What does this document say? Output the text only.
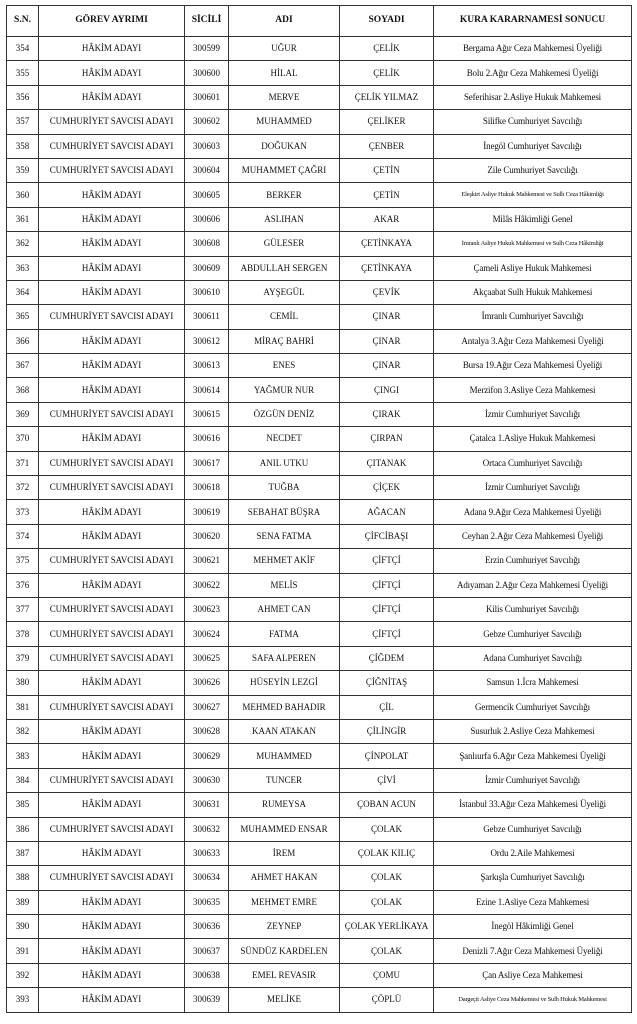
S.N.	GÖREV AYRIMI	SİCİLİ	ADI	SOYADI	KURA KARARNAMESİ SONUCU
354	HÂKİM ADAYI	300599	UĞUR	ÇELİK	Bergama Ağır Ceza Mahkemesi Üyeliği
355	HÂKİM ADAYI	300600	HİLAL	ÇELİK	Bolu 2.Ağır Ceza Mahkemesi Üyeliği
356	HÂKİM ADAYI	300601	MERVE	ÇELİK YILMAZ	Seferihisar 2.Asliye Hukuk Mahkemesi
357	CUMHURİYET SAVCISI ADAYI	300602	MUHAMMED	ÇELİKER	Silifke Cumhuriyet Savcılığı
358	CUMHURİYET SAVCISI ADAYI	300603	DOĞUKAN	ÇENBER	İnegöl Cumhuriyet Savcılığı
359	CUMHURİYET SAVCISI ADAYI	300604	MUHAMMET ÇAĞRI	ÇETİN	Zile Cumhuriyet Savcılığı
360	HÂKİM ADAYI	300605	BERKER	ÇETİN	Eleşkirt Asliye Hukuk Mahkemesi ve Sulh Ceza Hâkimliği
361	HÂKİM ADAYI	300606	ASLIHAN	AKAR	Milâs Hâkimliği Genel
362	HÂKİM ADAYI	300608	GÜLESER	ÇETİNKAYA	İmranlı Asliye Hukuk Mahkemesi ve Sulh Ceza Hâkimliği
363	HÂKİM ADAYI	300609	ABDULLAH SERGEN	ÇETİNKAYA	Çameli Asliye Hukuk Mahkemesi
364	HÂKİM ADAYI	300610	AYŞEGÜL	ÇEVİK	Akçaabat Sulh Hukuk Mahkemesi
365	CUMHURİYET SAVCISI ADAYI	300611	CEMİL	ÇINAR	İmranlı Cumhuriyet Savcılığı
366	HÂKİM ADAYI	300612	MİRAÇ BAHRİ	ÇINAR	Antalya 3.Ağır Ceza Mahkemesi Üyeliği
367	HÂKİM ADAYI	300613	ENES	ÇINAR	Bursa 19.Ağır Ceza Mahkemesi Üyeliği
368	HÂKİM ADAYI	300614	YAĞMUR NUR	ÇINGI	Merzifon 3.Asliye Ceza Mahkemesi
369	CUMHURİYET SAVCISI ADAYI	300615	ÖZGÜN DENİZ	ÇIRAK	İzmir Cumhuriyet Savcılığı
370	HÂKİM ADAYI	300616	NECDET	ÇIRPAN	Çatalca 1.Asliye Hukuk Mahkemesi
371	CUMHURİYET SAVCISI ADAYI	300617	ANIL UTKU	ÇITANAK	Ortaca Cumhuriyet Savcılığı
372	CUMHURİYET SAVCISI ADAYI	300618	TUĞBA	ÇİÇEK	İzmir Cumhuriyet Savcılığı
373	HÂKİM ADAYI	300619	SEBAHAT BÜŞRA	AĞACAN	Adana 9.Ağır Ceza Mahkemesi Üyeliği
374	HÂKİM ADAYI	300620	SENA FATMA	ÇİFCİBAŞI	Ceyhan 2.Ağır Ceza Mahkemesi Üyeliği
375	CUMHURİYET SAVCISI ADAYI	300621	MEHMET AKİF	ÇİFTÇİ	Erzin Cumhuriyet Savcılığı
376	HÂKİM ADAYI	300622	MELİS	ÇİFTÇİ	Adıyaman 2.Ağır Ceza Mahkemesi Üyeliği
377	CUMHURİYET SAVCISI ADAYI	300623	AHMET CAN	ÇİFTÇİ	Kilis Cumhuriyet Savcılığı
378	CUMHURİYET SAVCISI ADAYI	300624	FATMA	ÇİFTÇİ	Gebze Cumhuriyet Savcılığı
379	CUMHURİYET SAVCISI ADAYI	300625	SAFA ALPEREN	ÇİĞDEM	Adana Cumhuriyet Savcılığı
380	HÂKİM ADAYI	300626	HÜSEYİN LEZGİ	ÇİĞNİTAŞ	Samsun 1.İcra Mahkemesi
381	CUMHURİYET SAVCISI ADAYI	300627	MEHMED BAHADIR	ÇİL	Germencik Cumhuriyet Savcılığı
382	HÂKİM ADAYI	300628	KAAN ATAKAN	ÇİLİNGİR	Susurluk 2.Asliye Ceza Mahkemesi
383	HÂKİM ADAYI	300629	MUHAMMED	ÇİNPOLAT	Şanlıurfa 6.Ağır Ceza Mahkemesi Üyeliği
384	CUMHURİYET SAVCISI ADAYI	300630	TUNCER	ÇİVİ	İzmir Cumhuriyet Savcılığı
385	HÂKİM ADAYI	300631	RUMEYSA	ÇOBAN ACUN	İstanbul 33.Ağır Ceza Mahkemesi Üyeliği
386	CUMHURİYET SAVCISI ADAYI	300632	MUHAMMED ENSAR	ÇOLAK	Gebze Cumhuriyet Savcılığı
387	HÂKİM ADAYI	300633	İREM	ÇOLAK KILIÇ	Ordu 2.Aile Mahkemesi
388	CUMHURİYET SAVCISI ADAYI	300634	AHMET HAKAN	ÇOLAK	Şarkışla Cumhuriyet Savcılığı
389	HÂKİM ADAYI	300635	MEHMET EMRE	ÇOLAK	Ezine 1.Asliye Ceza Mahkemesi
390	HÂKİM ADAYI	300636	ZEYNEP	ÇOLAK YERLİKAYA	İnegöl Hâkimliği Genel
391	HÂKİM ADAYI	300637	SÜNDÜZ KARDELEN	ÇOLAK	Denizli 7.Ağır Ceza Mahkemesi Üyeliği
392	HÂKİM ADAYI	300638	EMEL REVASIR	ÇOMU	Çan Asliye Ceza Mahkemesi
393	HÂKİM ADAYI	300639	MELİKE	ÇÖPLÜ	Dargeçit Asliye Ceza Mahkemesi ve Sulh Hukuk Mahkemesi
